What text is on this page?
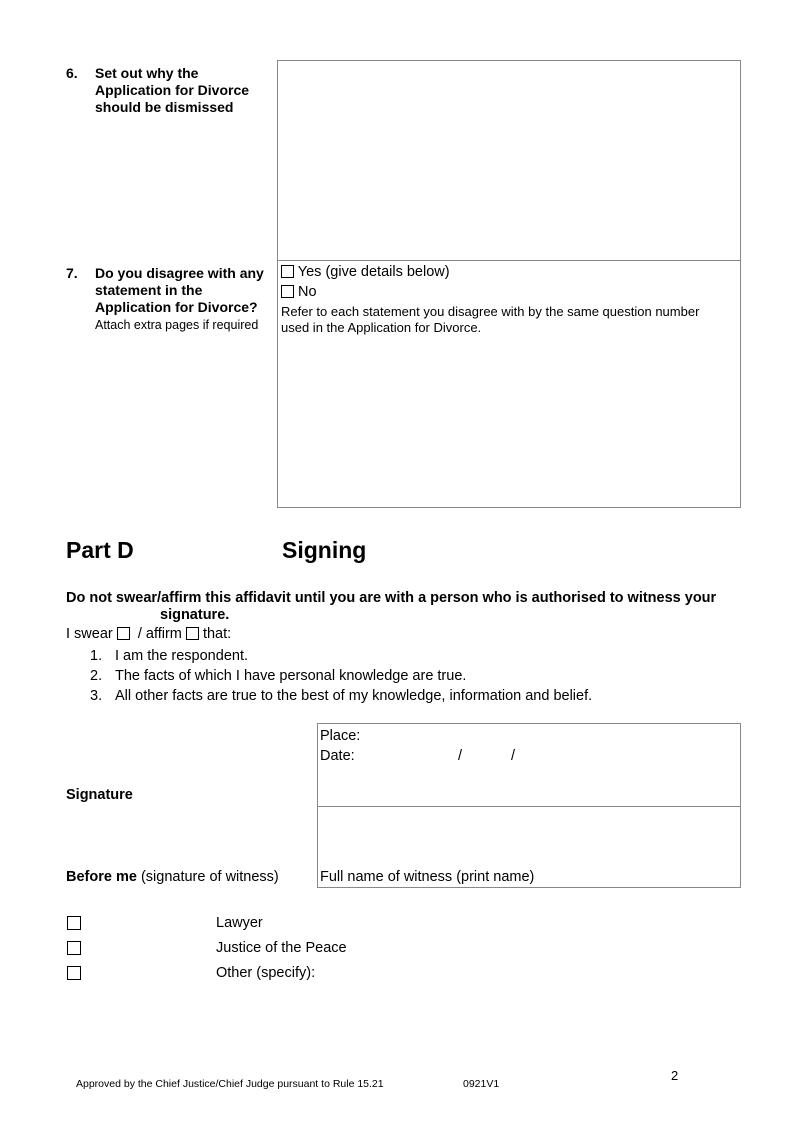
6. Set out why the
Application for Divorce
should be dismissed
7. Do you disagree with any
statement in the
Application for Divorce?
Attach extra pages if required
Yes (give details below)
No
Refer to each statement you disagree with by the same question number
used in the Application for Divorce.
Part D	Signing
Do not swear/affirm this affidavit until you are with a person who is authorised to witness your
signature.
I swear / affirm that:
1. I am the respondent.
2. The facts of which I have personal knowledge are true.
3. All other facts are true to the best of my knowledge, information and belief.
Place:
Date:	/	/
Signature
Before me (signature of witness)	Full name of witness (print name)
Lawyer
Justice of the Peace
Other (specify):
2
Approved by the Chief Justice/Chief Judge pursuant to Rule 15.21	0921V1
